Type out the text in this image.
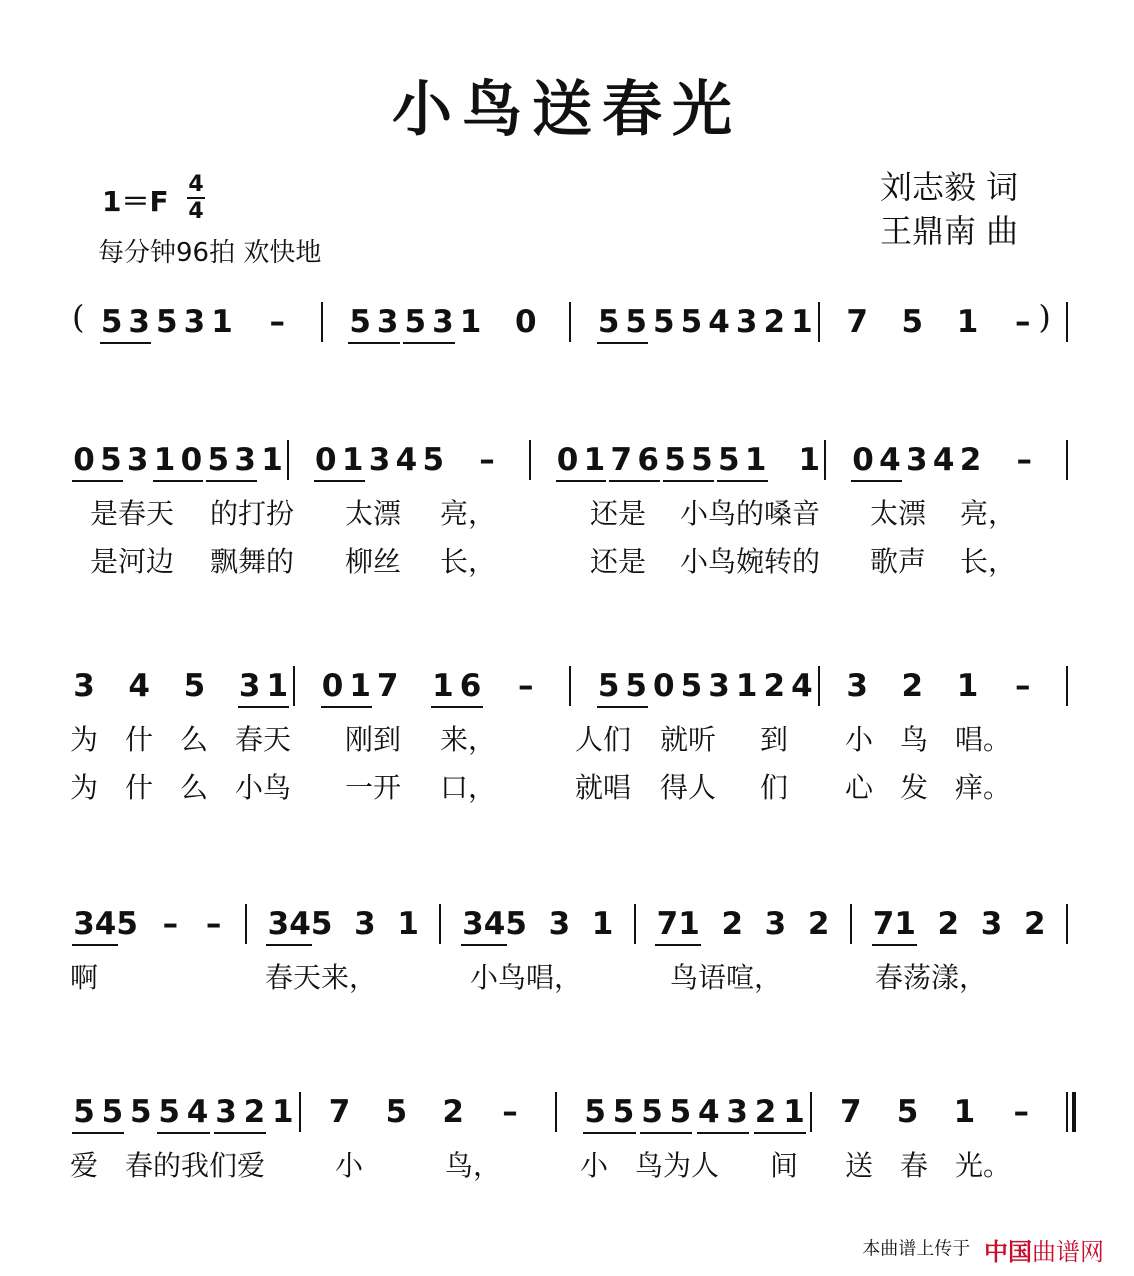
小鸟送春光
1＝F
4
4
每分钟96拍 欢快地
刘志毅 词
王鼎南 曲
( 5 3 5 3 1 – 5 3 5 3 1 0 5 5 5 5 4 3 2 1 7 5 1 – )
0 5 3 1 0 5 3 1 0 1 3 4 5 – 0 1 7 6 5 5 5 1 1 0 4 3 4 2 –
3 4 5 3 1 0 1 7 1 6 – 5 5 0 5 3 1 2 4 3 2 1 –
3 4 5 – – 3 4 5 3 1 3 4 5 3 1 7 1 2 3 2 7 1 2 3 2
5 5 5 5 4 3 2 1 7 5 2 – 5 5 5 5 4 3 2 1 7 5 1 –
是春天 的打扮 太漂 亮，	还是 小鸟的嗓音 太漂 亮，
是河边 飘舞的 柳丝 长，	还是 小鸟婉转的 歌声 长，
为 什 么 春天 刚到 来，	人们 就听 到 小 鸟 唱。
为 什 么 小鸟 一开 口，	就唱 得人 们 心 发 痒。
啊	春天来，	小鸟唱，	鸟语喧，	春荡漾，
爱 春的我们爱 小	鸟，	小 鸟为人 间 送 春 光。
本曲谱上传于 中国曲谱网
